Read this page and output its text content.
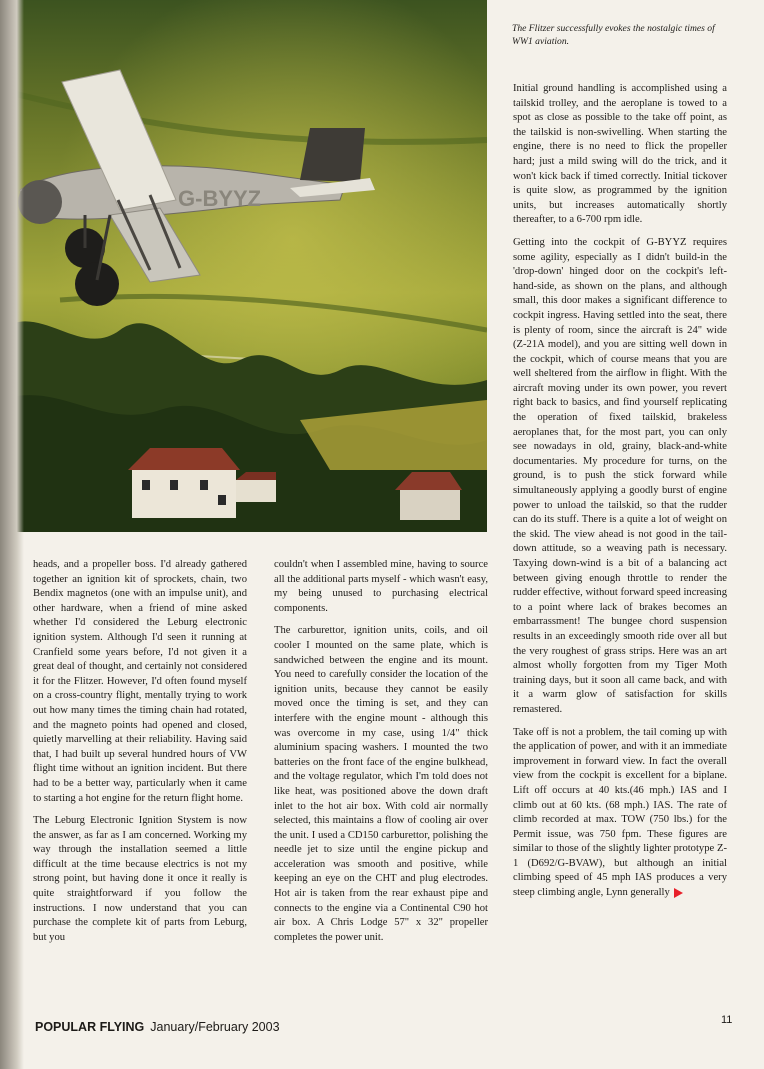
G-BYYZ
The Flitzer successfully evokes the nostalgic times of WW1 aviation.

heads, and a propeller boss. I'd already gathered together an ignition kit of sprockets, chain, two Bendix magnetos (one with an impulse unit), and other hardware, when a friend of mine asked whether I'd considered the Leburg electronic ignition system. Although I'd seen it running at Cranfield some years before, I'd not given it a great deal of thought, and certainly not considered it for the Flitzer. However, I'd often found myself on a cross-country flight, mentally trying to work out how many times the timing chain had rotated, and the magneto points had opened and closed, quietly marvelling at their reliability. Having said that, I had built up several hundred hours of VW flight time without an ignition incident. But there had to be a better way, particularly when it came to starting a hot engine for the return flight home.

The Leburg Electronic Ignition Stystem is now the answer, as far as I am concerned. Working my way through the installation seemed a little difficult at the time because electrics is not my strong point, but having done it once it really is quite straightforward if you follow the instructions. I now understand that you can purchase the complete kit of parts from Leburg, but you

couldn't when I assembled mine, having to source all the additional parts myself - which wasn't easy, my being unused to purchasing electrical components.

The carburettor, ignition units, coils, and oil cooler I mounted on the same plate, which is sandwiched between the engine and its mount. You need to carefully consider the location of the ignition units, because they cannot be easily moved once the timing is set, and they can interfere with the engine mount - although this was overcome in my case, using 1/4" thick aluminium spacing washers. I mounted the two batteries on the front face of the engine bulkhead, and the voltage regulator, which I'm told does not like heat, was positioned above the down draft inlet to the hot air box. With cold air normally selected, this maintains a flow of cooling air over the unit. I used a CD150 carburettor, polishing the needle jet to size until the engine pickup and acceleration was smooth and positive, while keeping an eye on the CHT and plug electrodes. Hot air is taken from the rear exhaust pipe and connects to the engine via a Continental C90 hot air box. A Chris Lodge 57" x 32" propeller completes the power unit.

Initial ground handling is accomplished using a tailskid trolley, and the aeroplane is towed to a spot as close as possible to the take off point, as the tailskid is non-swivelling. When starting the engine, there is no need to flick the propeller hard; just a mild swing will do the trick, and it won't kick back if timed correctly. Initial tickover is quite slow, as programmed by the ignition units, but increases automatically shortly thereafter, to a 6-700 rpm idle.

Getting into the cockpit of G-BYYZ requires some agility, especially as I didn't build-in the 'drop-down' hinged door on the cockpit's left-hand-side, as shown on the plans, and although small, this door makes a significant difference to cockpit ingress. Having settled into the seat, there is plenty of room, since the aircraft is 24" wide (Z-21A model), and you are sitting well down in the cockpit, which of course means that you are well sheltered from the airflow in flight. With the aircraft moving under its own power, you revert right back to basics, and find yourself replicating the operation of fixed tailskid, brakeless aeroplanes that, for the most part, you can only see nowadays in old, grainy, black-and-white documentaries. My procedure for turns, on the ground, is to push the stick forward while simultaneously applying a goodly burst of engine power to unload the tailskid, so that the rudder can do its stuff. There is a quite a lot of weight on the skid. The view ahead is not good in the tail-down attitude, so a weaving path is necessary. Taxying down-wind is a bit of a balancing act between giving enough throttle to render the rudder effective, without forward speed increasing to a point where lack of brakes becomes an embarrassment! The bungee chord suspension results in an exceedingly smooth ride over all but the very roughest of grass strips. Here was an art almost wholly forgotten from my Tiger Moth training days, but it soon all came back, and with it a warm glow of satisfaction for skills remastered.

Take off is not a problem, the tail coming up with the application of power, and with it an immediate improvement in forward view. In fact the overall view from the cockpit is excellent for a biplane. Lift off occurs at 40 kts.(46 mph.) IAS and I climb out at 60 kts. (68 mph.) IAS. The rate of climb recorded at max. TOW (750 lbs.) for the Permit issue, was 750 fpm. These figures are similar to those of the slightly lighter prototype Z-1 (D692/G-BVAW), but although an initial climbing speed of 45 mph IAS produces a very steep climbing angle, Lynn generally

POPULAR FLYING January/February 2003	11
